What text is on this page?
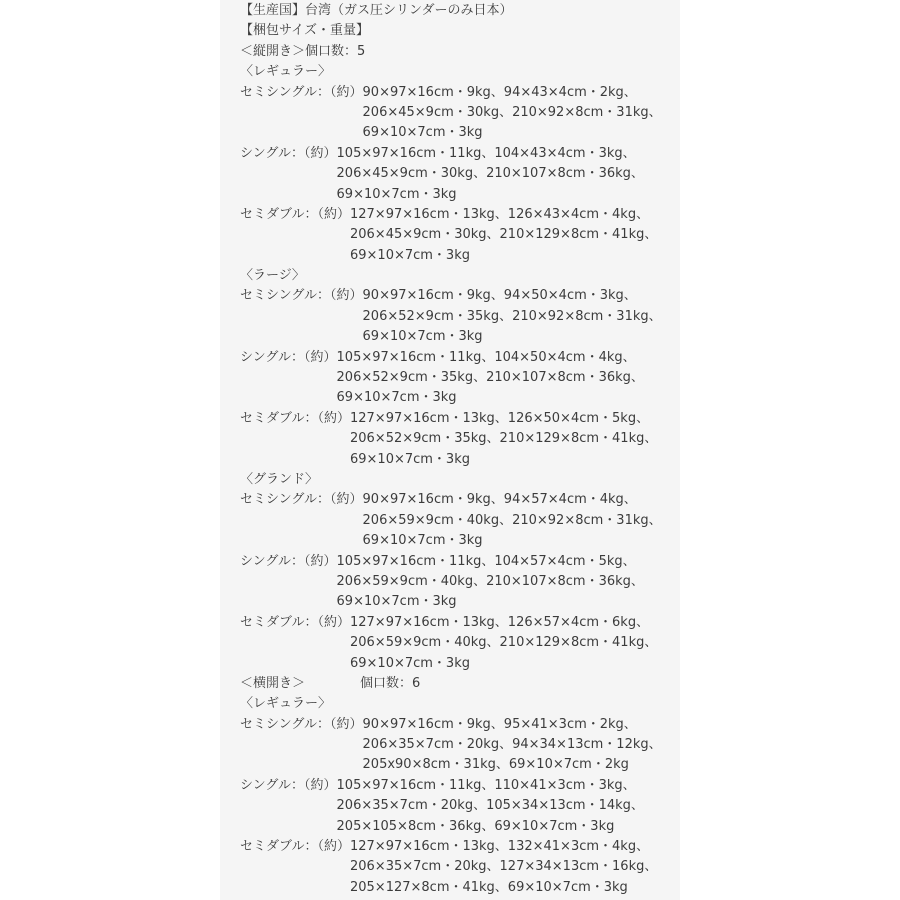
【生産国】台湾（ガス圧シリンダーのみ日本）
【梱包サイズ・重量】
＜縦開き＞個口数：5
〈レギュラー〉
セミシングル：（約） 90×97×16cm・9kg、94×43×4cm・2kg、
206×45×9cm・30kg、210×92×8cm・31kg、
69×10×7cm・3kg
シングル：（約） 105×97×16cm・11kg、104×43×4cm・3kg、
206×45×9cm・30kg、210×107×8cm・36kg、
69×10×7cm・3kg
セミダブル：（約） 127×97×16cm・13kg、126×43×4cm・4kg、
206×45×9cm・30kg、210×129×8cm・41kg、
69×10×7cm・3kg
〈ラージ〉
セミシングル：（約） 90×97×16cm・9kg、94×50×4cm・3kg、
206×52×9cm・35kg、210×92×8cm・31kg、
69×10×7cm・3kg
シングル：（約） 105×97×16cm・11kg、104×50×4cm・4kg、
206×52×9cm・35kg、210×107×8cm・36kg、
69×10×7cm・3kg
セミダブル：（約） 127×97×16cm・13kg、126×50×4cm・5kg、
206×52×9cm・35kg、210×129×8cm・41kg、
69×10×7cm・3kg
〈グランド〉
セミシングル：（約） 90×97×16cm・9kg、94×57×4cm・4kg、
206×59×9cm・40kg、210×92×8cm・31kg、
69×10×7cm・3kg
シングル：（約） 105×97×16cm・11kg、104×57×4cm・5kg、
206×59×9cm・40kg、210×107×8cm・36kg、
69×10×7cm・3kg
セミダブル：（約） 127×97×16cm・13kg、126×57×4cm・6kg、
206×59×9cm・40kg、210×129×8cm・41kg、
69×10×7cm・3kg
＜横開き＞	個口数：6
〈レギュラー〉
セミシングル：（約） 90×97×16cm・9kg、95×41×3cm・2kg、
206×35×7cm・20kg、94×34×13cm・12kg、
205x90×8cm・31kg、69×10×7cm・2kg
シングル：（約） 105×97×16cm・11kg、110×41×3cm・3kg、
206×35×7cm・20kg、105×34×13cm・14kg、
205×105×8cm・36kg、69×10×7cm・3kg
セミダブル：（約） 127×97×16cm・13kg、132×41×3cm・4kg、
206×35×7cm・20kg、127×34×13cm・16kg、
205×127×8cm・41kg、69×10×7cm・3kg
